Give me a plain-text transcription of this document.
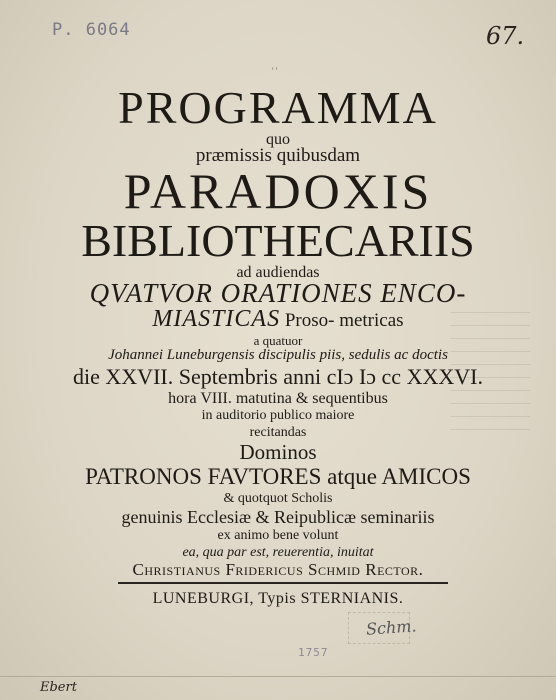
P. 6064	67.
' '
PROGRAMMA
quo
præmissis quibusdam
PARADOXIS
BIBLIOTHECARIIS
ad audiendas
QVATVOR ORATIONES ENCO-
MIASTICAS Proso- metricas
a quatuor
Johannei Luneburgensis discipulis piis, sedulis ac doctis
die XXVII. Septembris anni cIɔ Iɔ cc XXXVI.
hora VIII. matutina & sequentibus
in auditorio publico maiore
recitandas
Dominos
PATRONOS FAVTORES atque AMICOS
& quotquot Scholis
genuinis Ecclesiæ & Reipublicæ seminariis
ex animo bene volunt
ea, qua par est, reuerentia, inuitat
Christianus Fridericus Schmid Rector.
LUNEBURGI, Typis STERNIANIS.
Schm.
1757
Ebert
